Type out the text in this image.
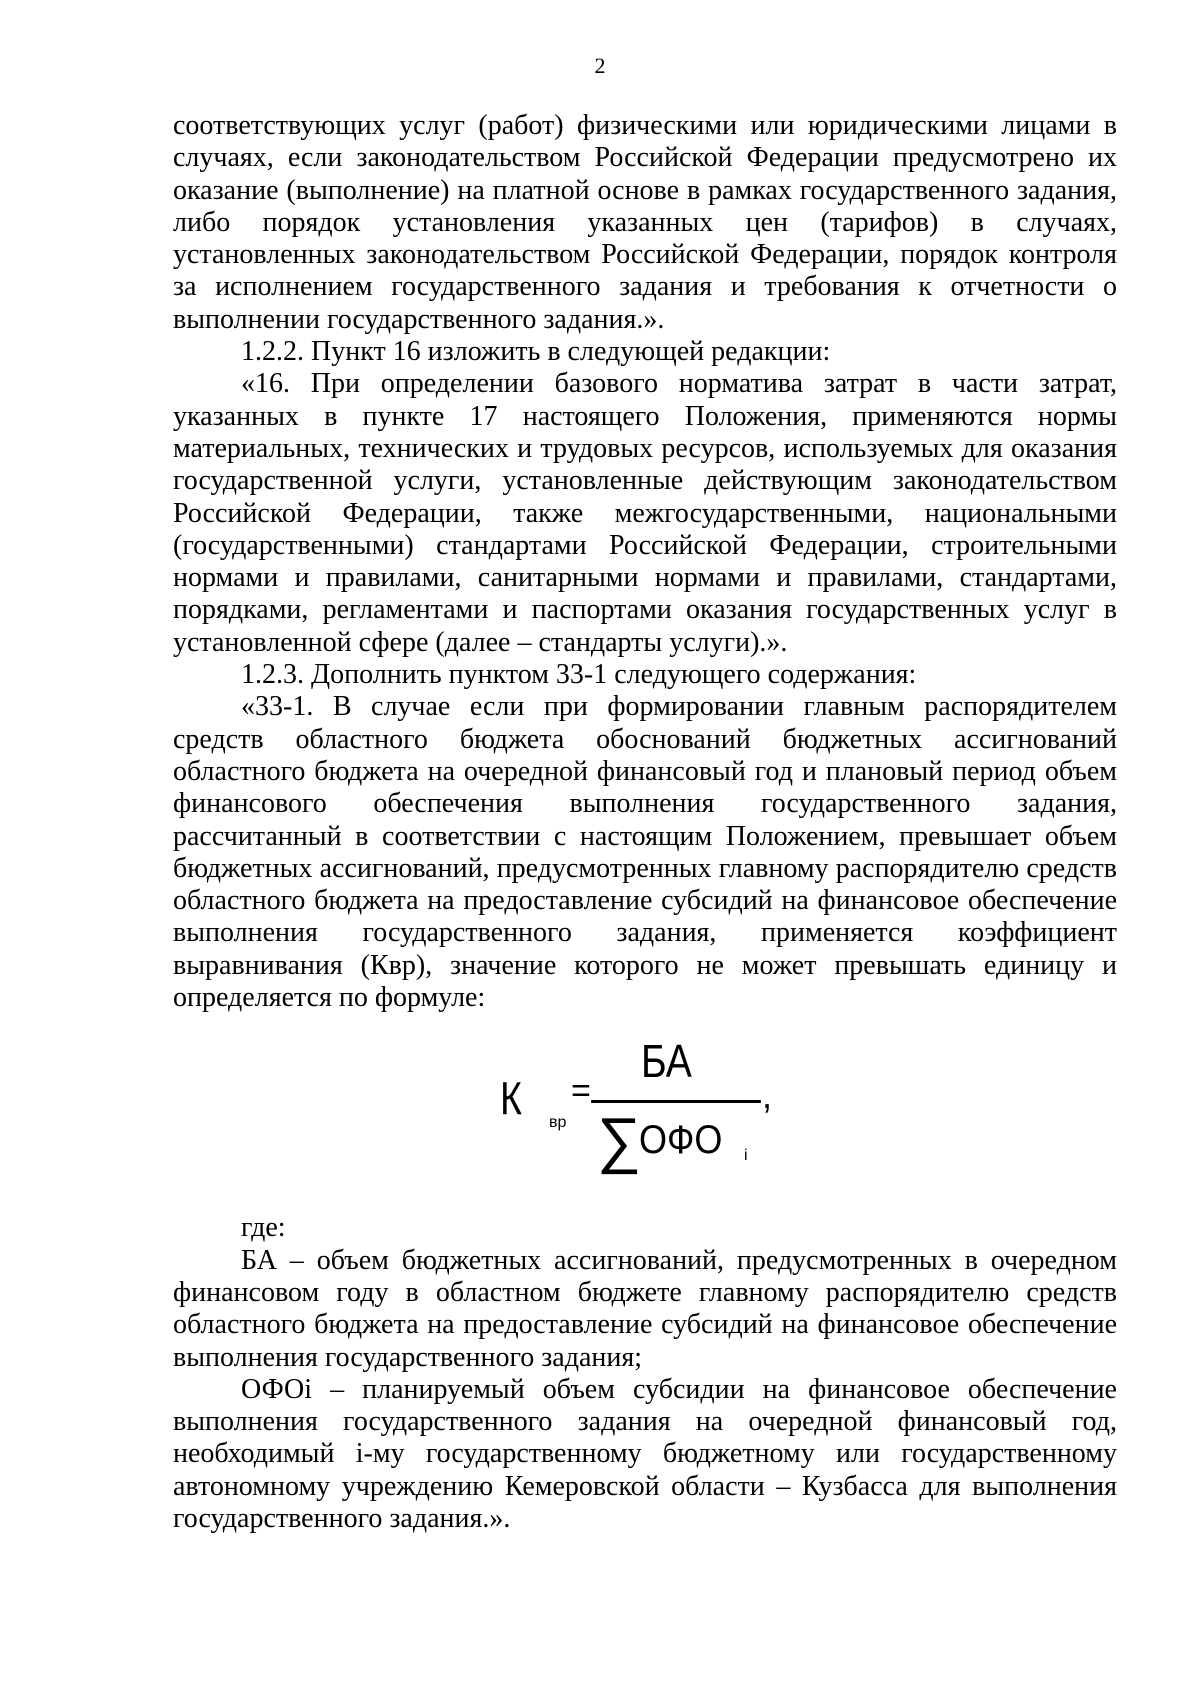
2

соответствующих услуг (работ) физическими или юридическими лицами в случаях, если законодательством Российской Федерации предусмотрено их оказание (выполнение) на платной основе в рамках государственного задания, либо порядок установления указанных цен (тарифов) в случаях, установленных законодательством Российской Федерации, порядок контроля за исполнением государственного задания и требования к отчетности о выполнении государственного задания.».

1.2.2. Пункт 16 изложить в следующей редакции:

«16. При определении базового норматива затрат в части затрат, указанных в пункте 17 настоящего Положения, применяются нормы материальных, технических и трудовых ресурсов, используемых для оказания государственной услуги, установленные действующим законодательством Российской Федерации, также межгосударственными, национальными (государственными) стандартами Российской Федерации, строительными нормами и правилами, санитарными нормами и правилами, стандартами, порядками, регламентами и паспортами оказания государственных услуг в установленной сфере (далее – стандарты услуги).».

1.2.3. Дополнить пунктом 33-1 следующего содержания:

«33-1. В случае если при формировании главным распорядителем средств областного бюджета обоснований бюджетных ассигнований областного бюджета на очередной финансовый год и плановый период объем финансового обеспечения выполнения государственного задания, рассчитанный в соответствии с настоящим Положением, превышает объем бюджетных ассигнований, предусмотренных главному распорядителю средств областного бюджета на предоставление субсидий на финансовое обеспечение выполнения государственного задания, применяется коэффициент выравнивания (Квр), значение которого не может превышать единицу и определяется по формуле:

К вр
=
БА
∑
ОФО i
,

где:

БА – объем бюджетных ассигнований, предусмотренных в очередном финансовом году в областном бюджете главному распорядителю средств областного бюджета на предоставление субсидий на финансовое обеспечение выполнения государственного задания;

ОФОi – планируемый объем субсидии на финансовое обеспечение выполнения государственного задания на очередной финансовый год, необходимый i-му государственному бюджетному или государственному автономному учреждению Кемеровской области – Кузбасса для выполнения государственного задания.».
